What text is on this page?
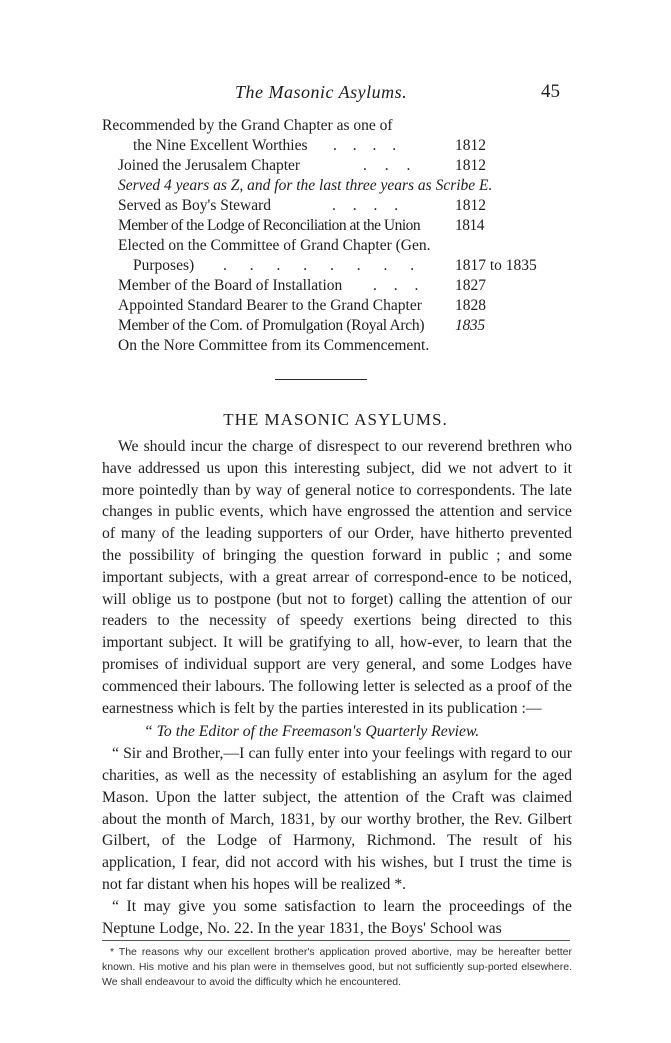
The Masonic Asylums.	45
Recommended by the Grand Chapter as one of
the Nine Excellent Worthies . . . .	1812
Joined the Jerusalem Chapter	. . .	1812
Served 4 years as Z, and for the last three years as Scribe E.
Served as Boy's Steward	. . . .	1812
Member of the Lodge of Reconciliation at the Union 1814
Elected on the Committee of Grand Chapter (Gen.
Purposes) . . . . . . . .	1817 to 1835
Member of the Board of Installation . . . 1827
Appointed Standard Bearer to the Grand Chapter 1828
Member of the Com. of Promulgation (Royal Arch) 1835
On the Nore Committee from its Commencement.
THE MASONIC ASYLUMS.

We should incur the charge of disrespect to our reverend brethren who have addressed us upon this interesting subject, did we not advert to it more pointedly than by way of general notice to correspondents. The late changes in public events, which have engrossed the attention and service of many of the leading supporters of our Order, have hitherto prevented the possibility of bringing the question forward in public ; and some important subjects, with a great arrear of correspond-ence to be noticed, will oblige us to postpone (but not to forget) calling the attention of our readers to the necessity of speedy exertions being directed to this important subject. It will be gratifying to all, how-ever, to learn that the promises of individual support are very general, and some Lodges have commenced their labours. The following letter is selected as a proof of the earnestness which is felt by the parties interested in its publication :—

“ To the Editor of the Freemason's Quarterly Review.

“ Sir and Brother,—I can fully enter into your feelings with regard to our charities, as well as the necessity of establishing an asylum for the aged Mason. Upon the latter subject, the attention of the Craft was claimed about the month of March, 1831, by our worthy brother, the Rev. Gilbert Gilbert, of the Lodge of Harmony, Richmond. The result of his application, I fear, did not accord with his wishes, but I trust the time is not far distant when his hopes will be realized *.

“ It may give you some satisfaction to learn the proceedings of the Neptune Lodge, No. 22. In the year 1831, the Boys' School was

* The reasons why our excellent brother's application proved abortive, may be hereafter better known. His motive and his plan were in themselves good, but not sufficiently sup-ported elsewhere. We shall endeavour to avoid the difficulty which he encountered.
